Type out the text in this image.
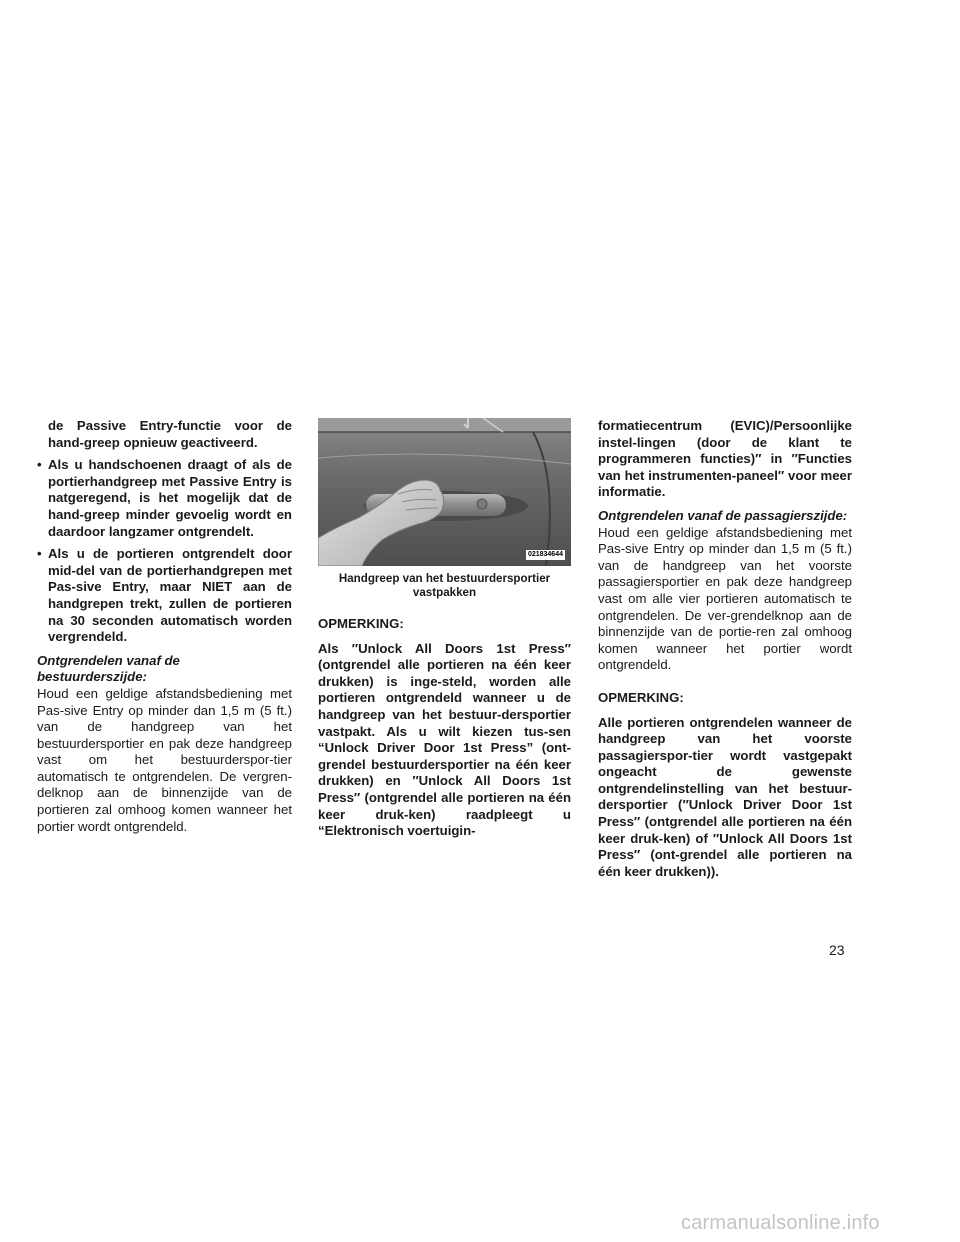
de Passive Entry-functie voor de hand-greep opnieuw geactiveerd.

• Als u handschoenen draagt of als de portierhandgreep met Passive Entry is natgeregend, is het mogelijk dat de hand-greep minder gevoelig wordt en daardoor langzamer ontgrendelt.

• Als u de portieren ontgrendelt door mid-del van de portierhandgrepen met Pas-sive Entry, maar NIET aan de handgrepen trekt, zullen de portieren na 30 seconden automatisch worden vergrendeld.

Ontgrendelen vanaf de bestuurderszijde:

Houd een geldige afstandsbediening met Pas-sive Entry op minder dan 1,5 m (5 ft.) van de handgreep van het bestuurdersportier en pak deze handgreep vast om het bestuurderspor-tier automatisch te ontgrendelen. De vergren-delknop aan de binnenzijde van de portieren zal omhoog komen wanneer het portier wordt ontgrendeld.

021834644

Handgreep van het bestuurdersportier
vastpakken

OPMERKING:

Als ″Unlock All Doors 1st Press″ (ontgrendel alle portieren na één keer drukken) is inge-steld, worden alle portieren ontgrendeld wanneer u de handgreep van het bestuur-dersportier vastpakt. Als u wilt kiezen tus-sen “Unlock Driver Door 1st Press” (ont-grendel bestuurdersportier na één keer drukken) en ″Unlock All Doors 1st Press″ (ontgrendel alle portieren na één keer druk-ken) raadpleegt u “Elektronisch voertuigin-

formatiecentrum (EVIC)/Persoonlijke instel-lingen (door de klant te programmeren functies)″ in ″Functies van het instrumenten-paneel″ voor meer informatie.

Ontgrendelen vanaf de passagierszijde:

Houd een geldige afstandsbediening met Pas-sive Entry op minder dan 1,5 m (5 ft.) van de handgreep van het voorste passagiersportier en pak deze handgreep vast om alle vier portieren automatisch te ontgrendelen. De ver-grendelknop aan de binnenzijde van de portie-ren zal omhoog komen wanneer het portier wordt ontgrendeld.

OPMERKING:

Alle portieren ontgrendelen wanneer de handgreep van het voorste passagierspor-tier wordt vastgepakt ongeacht de gewenste ontgrendelinstelling van het bestuur-dersportier (″Unlock Driver Door 1st Press″ (ontgrendel alle portieren na één keer druk-ken) of ″Unlock All Doors 1st Press″ (ont-grendel alle portieren na één keer drukken)).

23
carmanualsonline.info
